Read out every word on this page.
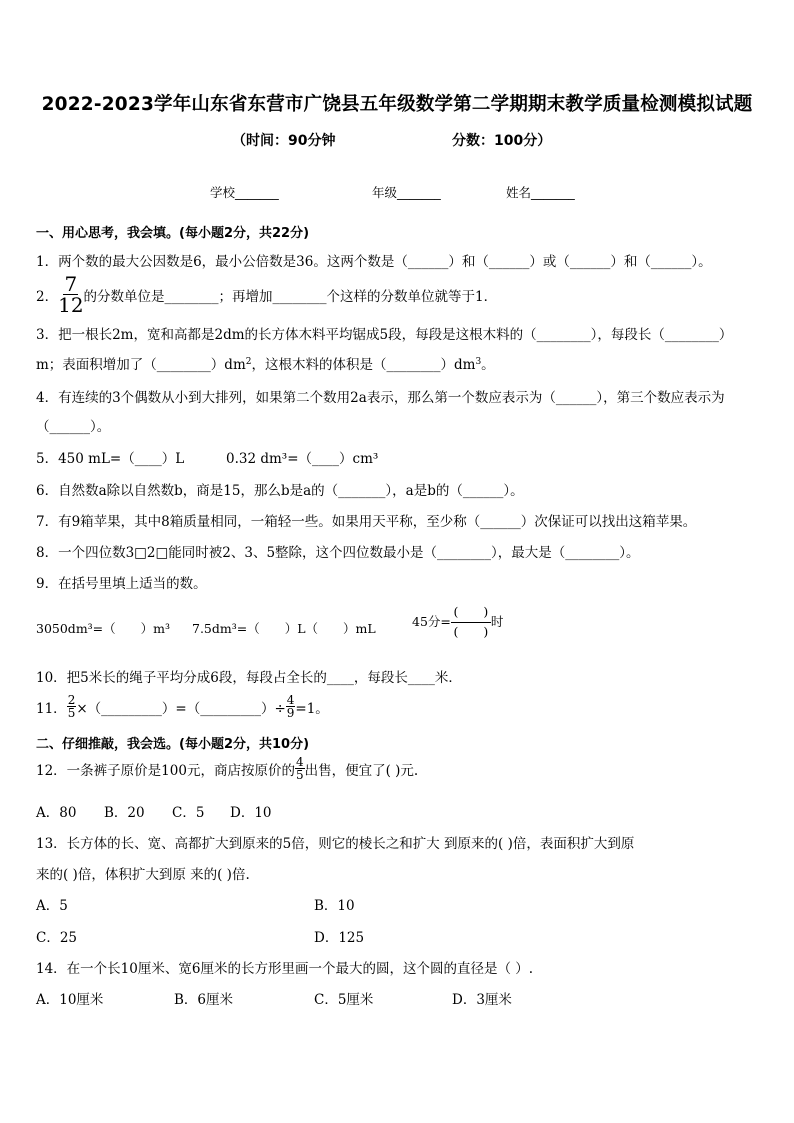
2022-2023学年山东省东营市广饶县五年级数学第二学期期末教学质量检测模拟试题
（时间：90分钟	分数：100分）
学校_______	年级_______	姓名_______
一、用心思考，我会填。(每小题2分，共22分)
1．两个数的最大公因数是6，最小公倍数是36。这两个数是（______）和（______）或（______）和（______）。
2． $\frac{7}{12}$ 的分数单位是________；再增加________个这样的分数单位就等于1．
3．把一根长2m，宽和高都是2dm的长方体木料平均锯成5段，每段是这根木料的（________），每段长（________）
m；表面积增加了$(\_\_\_\_\_\_\_\_)dm^2$，这根木料的体积是$(\_\_\_\_\_\_\_\_)dm^3$。
4．有连续的3个偶数从小到大排列，如果第二个数用2a表示，那么第一个数应表示为（______），第三个数应表示为
（______）。
5．450 mL=（____）L	0.32 dm³=（____）cm³
6．自然数a除以自然数b，商是15，那么b是a的（_______），a是b的（______）。
7．有9箱苹果，其中8箱质量相同，一箱轻一些。如果用天平称，至少称（______）次保证可以找出这箱苹果。
8．一个四位数3□2□能同时被2、3、5整除，这个四位数最小是（________），最大是（________）。
9．在括号里填上适当的数。
3050dm³=（　　）m³ 7.5dm³=（　　）L（　　）mL	45分= $\frac{( )}{( )}$ 时
10．把5米长的绳子平均分成6段，每段占全长的____，每段长____米．
11． $\frac{2}{5}$ ×（_________）=（_________）÷ $\frac{4}{9} =1$。
二、仔细推敲，我会选。(每小题2分，共10分)
12．一条裤子原价是100元，商店按原价的 $\frac{4}{5}$ 出售，便宜了( )元.
A．80 B．20 C．5 D．10
13．长方体的长、宽、高都扩大到原来的5倍，则它的棱长之和扩大 到原来的( )倍，表面积扩大到原
来的( )倍，体积扩大到原 来的( )倍.
A．5	B．10
C．25	D．125
14．在一个长10厘米、宽6厘米的长方形里画一个最大的圆，这个圆的直径是（ ）.
A．10厘米	B．6厘米	C．5厘米	D．3厘米
